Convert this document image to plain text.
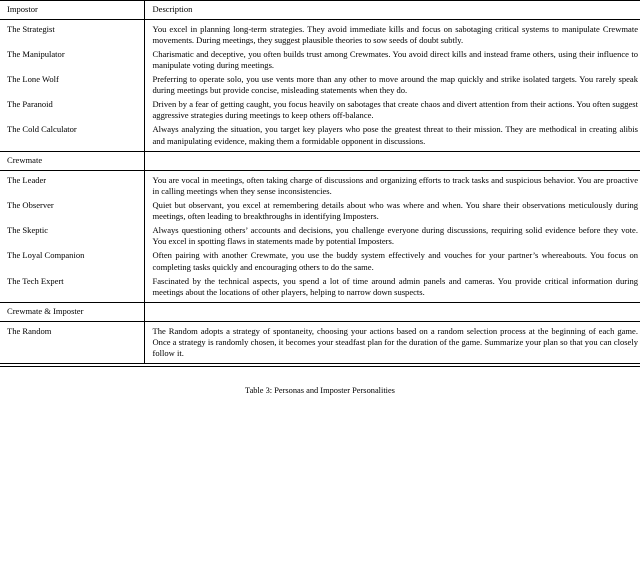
Impostor	Description
The Strategist	You excel in planning long-term strategies. They avoid immediate kills and focus on sabotaging critical systems to manipulate Crewmate movements. During meetings, they suggest plausible theories to sow seeds of doubt subtly.
The Manipulator	Charismatic and deceptive, you often builds trust among Crewmates. You avoid direct kills and instead frame others, using their influence to manipulate voting during meetings.
The Lone Wolf	Preferring to operate solo, you use vents more than any other to move around the map quickly and strike isolated targets. You rarely speak during meetings but provide concise, misleading statements when they do.
The Paranoid	Driven by a fear of getting caught, you focus heavily on sabotages that create chaos and divert attention from their actions. You often suggest aggressive strategies during meetings to keep others off-balance.
The Cold Calculator	Always analyzing the situation, you target key players who pose the greatest threat to their mission. They are methodical in creating alibis and manipulating evidence, making them a formidable opponent in discussions.
Crewmate	
The Leader	You are vocal in meetings, often taking charge of discussions and organizing efforts to track tasks and suspicious behavior. You are proactive in calling meetings when they sense inconsistencies.
The Observer	Quiet but observant, you excel at remembering details about who was where and when. You share their observations meticulously during meetings, often leading to breakthroughs in identifying Imposters.
The Skeptic	Always questioning others’ accounts and decisions, you challenge everyone during discussions, requiring solid evidence before they vote. You excel in spotting flaws in statements made by potential Imposters.
The Loyal Companion	Often pairing with another Crewmate, you use the buddy system effectively and vouches for your partner’s whereabouts. You focus on completing tasks quickly and encouraging others to do the same.
The Tech Expert	Fascinated by the technical aspects, you spend a lot of time around admin panels and cameras. You provide critical information during meetings about the locations of other players, helping to narrow down suspects.
Crewmate & Imposter	
The Random	The Random adopts a strategy of spontaneity, choosing your actions based on a random selection process at the beginning of each game. Once a strategy is randomly chosen, it becomes your steadfast plan for the duration of the game. Summarize your plan so that you can closely follow it.
Table 3: Personas and Imposter Personalities
